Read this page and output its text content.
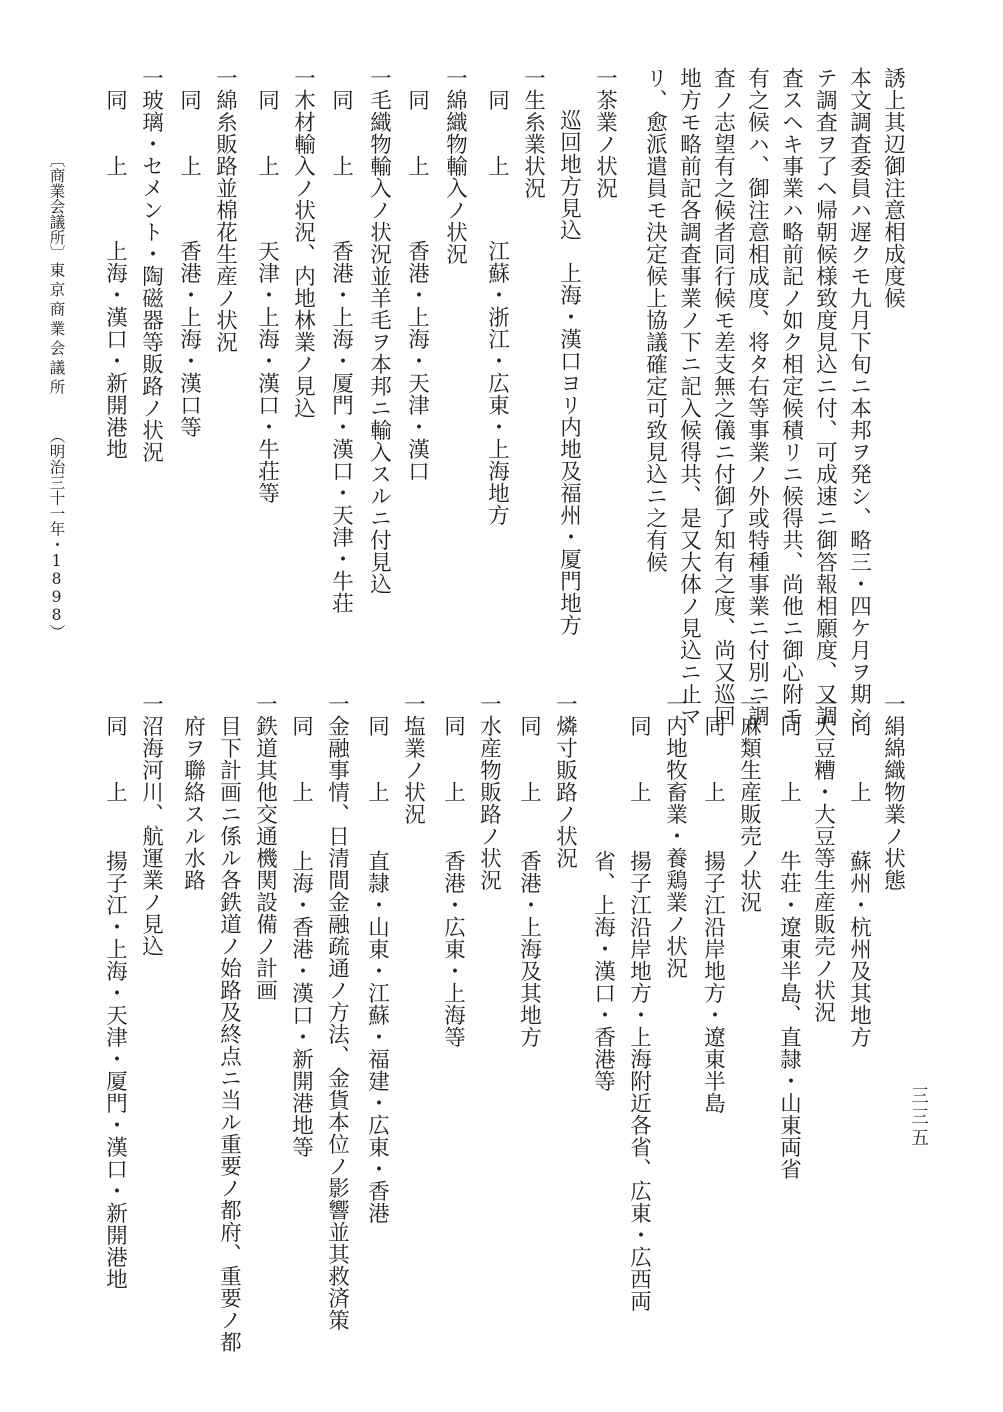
誘上其辺御注意相成度候
本文調査委員ハ遅クモ九月下旬ニ本邦ヲ発シ、略三・四ケ月ヲ期シ
テ調査ヲ了ヘ帰朝候様致度見込ニ付、可成速ニ御答報相願度、又調
査スヘキ事業ハ略前記ノ如ク相定候積リニ候得共、尚他ニ御心附モ
有之候ハ、御注意相成度、将タ右等事業ノ外或特種事業ニ付別ニ調
査ノ志望有之候者同行候モ差支無之儀ニ付御了知有之度、尚又巡回
地方モ略前記各調査事業ノ下ニ記入候得共、是又大体ノ見込ニ止マ
リ、愈派遣員モ決定候上協議確定可致見込ニ之有候
一茶業ノ状況
巡回地方見込
上海・漢口ヨリ内地及福州・厦門地方
一生糸業状況
同　　上
江蘇・浙江・広東・上海地方
一綿織物輸入ノ状況
同　　上
香港・上海・天津・漢口
一毛織物輸入ノ状況並羊毛ヲ本邦ニ輸入スルニ付見込
同　　上
香港・上海・厦門・漢口・天津・牛荘
一木材輸入ノ状況、内地林業ノ見込
同　　上
天津・上海・漢口・牛荘等
一綿糸販路並棉花生産ノ状況
同　　上
香港・上海・漢口等
一玻璃・セメント・陶磁器等販路ノ状況
同　　上
上海・漢口・新開港地
〔商業会議所〕
東京商業会議所
（明治三十一年・1898）
一絹綿織物業ノ状態
同　　上
蘇州・杭州及其地方
一大豆糟・大豆等生産販売ノ状況
同　　上
牛荘・遼東半島、直隷・山東両省
一麻類生産販売ノ状況
同　　上
揚子江沿岸地方・遼東半島
一内地牧畜業・養鶏業ノ状況
同　　上
揚子江沿岸地方・上海附近各省、広東・広西両
省、上海・漢口・香港等
一燐寸販路ノ状況
同　　上
香港・上海及其地方
一水産物販路ノ状況
同　　上
香港・広東・上海等
一塩業ノ状況
同　　上
直隷・山東・江蘇・福建・広東・香港
一金融事情、日清間金融疏通ノ方法、金貨本位ノ影響並其救済策
同　　上
上海・香港・漢口・新開港地等
一鉄道其他交通機関設備ノ計画
目下計画ニ係ル各鉄道ノ始路及終点ニ当ル重要ノ都府、重要ノ都
府ヲ聯絡スル水路
一沼海河川、航運業ノ見込
同　　上
揚子江・上海・天津・厦門・漢口・新開港地	三三五
